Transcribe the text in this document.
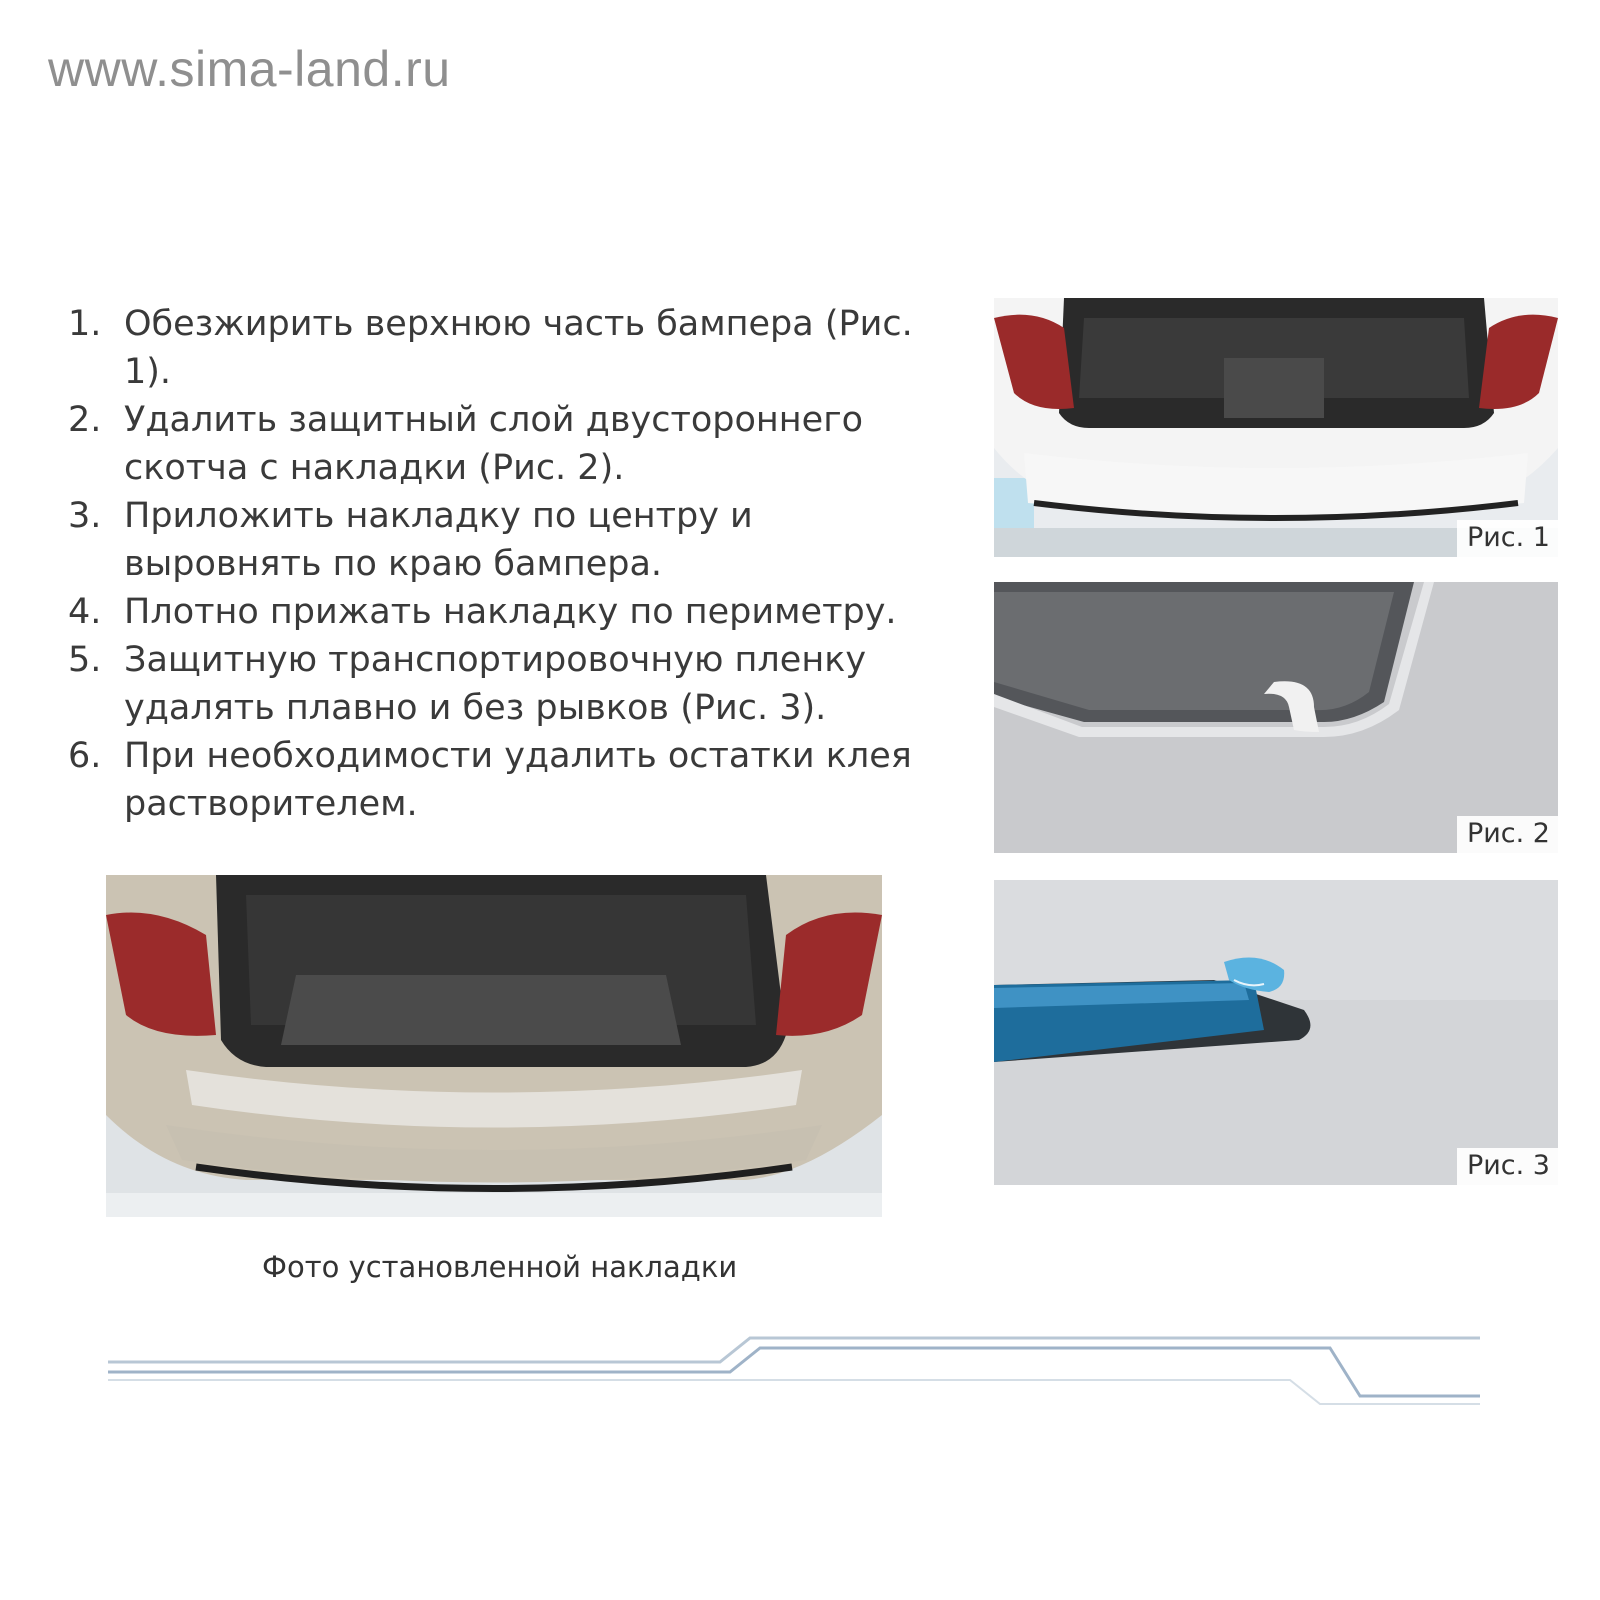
www.sima-land.ru
1. Обезжирить верхнюю часть бампера (Рис. 1).
2. Удалить защитный слой двустороннего скотча с накладки (Рис. 2).
3. Приложить накладку по центру и выровнять по краю бампера.
4. Плотно прижать накладку по периметру.
5. Защитную транспортировочную пленку удалять плавно и без рывков (Рис. 3).
6. При необходимости удалить остатки клея растворителем.
Рис. 1
Рис. 2
Рис. 3
Фото установленной накладки
